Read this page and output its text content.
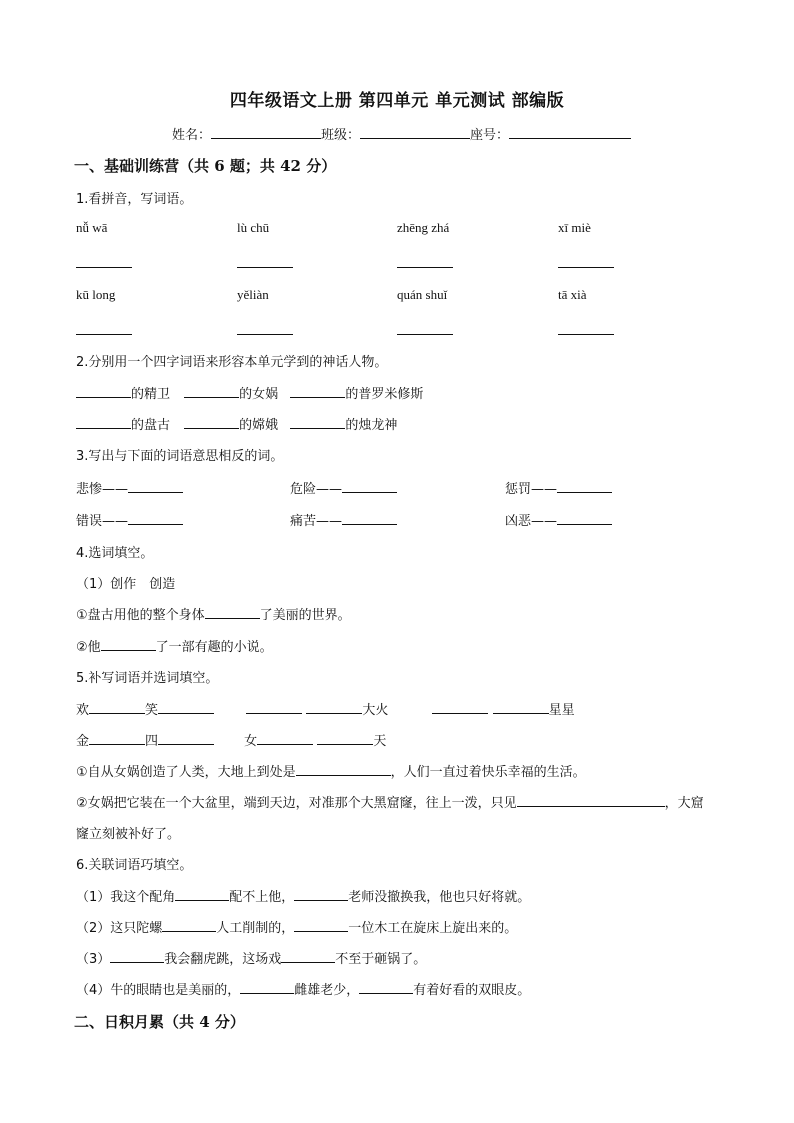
四年级语文上册 第四单元 单元测试 部编版
姓名：	班级：	座号：
一、基础训练营（共 6 题；共 42 分）
1.看拼音，写词语。
nǚ wā	lù chū	zhēng zhá	xī miè
kū long	yěliàn	quán shuǐ	tā xià
2.分别用一个四字词语来形容本单元学到的神话人物。
的精卫	的女娲	的普罗米修斯
的盘古	的嫦娥	的烛龙神
3.写出与下面的词语意思相反的词。
悲惨——	危险——	惩罚——
错误——	痛苦——	凶恶——
4.选词填空。
（1）创作　创造
①盘古用他的整个身体	了美丽的世界。
②他	了一部有趣的小说。
5.补写词语并选词填空。
欢	笑	大火	星星
金	四	女	天
①自从女娲创造了人类，大地上到处是	，人们一直过着快乐幸福的生活。
②女娲把它装在一个大盆里，端到天边，对准那个大黑窟窿，往上一泼，只见	，大窟
窿立刻被补好了。
6.关联词语巧填空。
（1）我这个配角	配不上他，	老师没撤换我，他也只好将就。
（2）这只陀螺	人工削制的，	一位木工在旋床上旋出来的。
（3）	我会翻虎跳，这场戏	不至于砸锅了。
（4）牛的眼睛也是美丽的，	雌雄老少，	有着好看的双眼皮。
二、日积月累（共 4 分）
